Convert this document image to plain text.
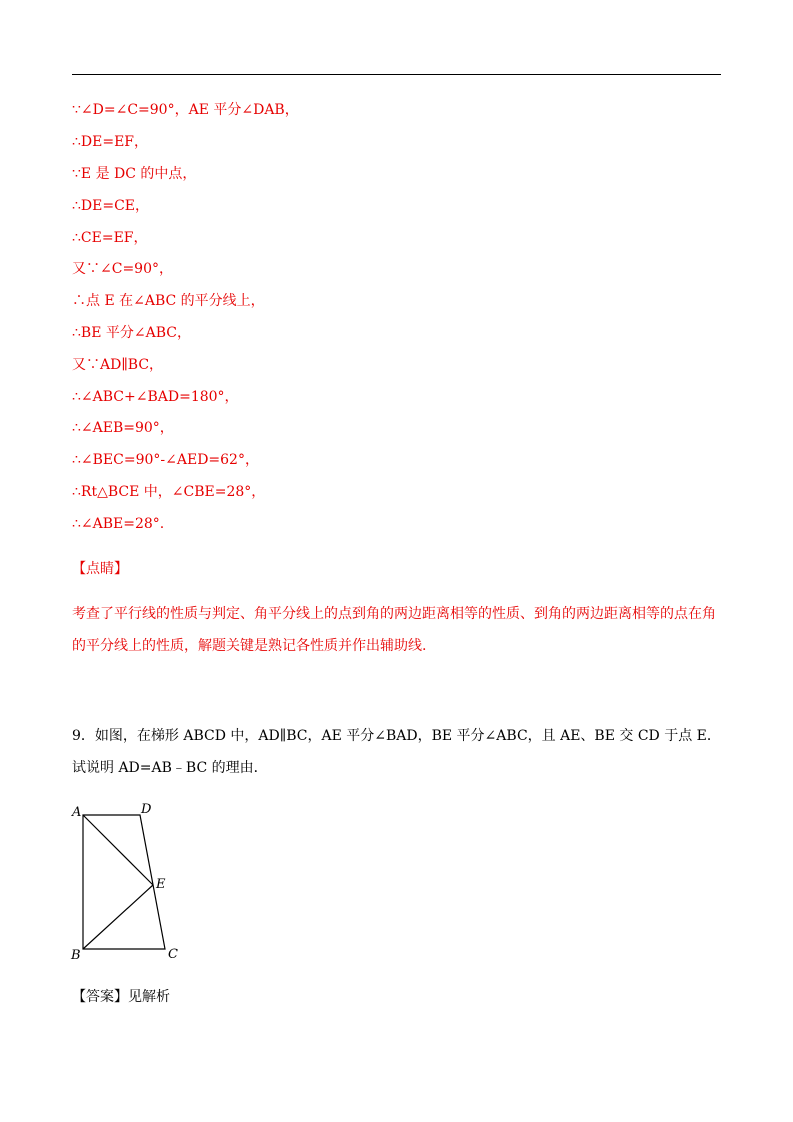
∵∠D=∠C=90°，AE 平分∠DAB，
∴DE=EF，
∵E 是 DC 的中点，
∴DE=CE，
∴CE=EF，
又∵∠C=90°，
∴点 E 在∠ABC 的平分线上，
∴BE 平分∠ABC，
又∵AD∥BC，
∴∠ABC+∠BAD=180°，
∴∠AEB=90°，
∴∠BEC=90°-∠AED=62°，
∴Rt△BCE 中，∠CBE=28°，
∴∠ABE=28°.
【点睛】
考查了平行线的性质与判定、角平分线上的点到角的两边距离相等的性质、到角的两边距离相等的点在角的平分线上的性质，解题关键是熟记各性质并作出辅助线.
9．如图，在梯形 ABCD 中，AD∥BC，AE 平分∠BAD，BE 平分∠ABC，且 AE、BE 交 CD 于点 E．试说明 AD=AB﹣BC 的理由．
A	D
E
B	C
【答案】见解析
